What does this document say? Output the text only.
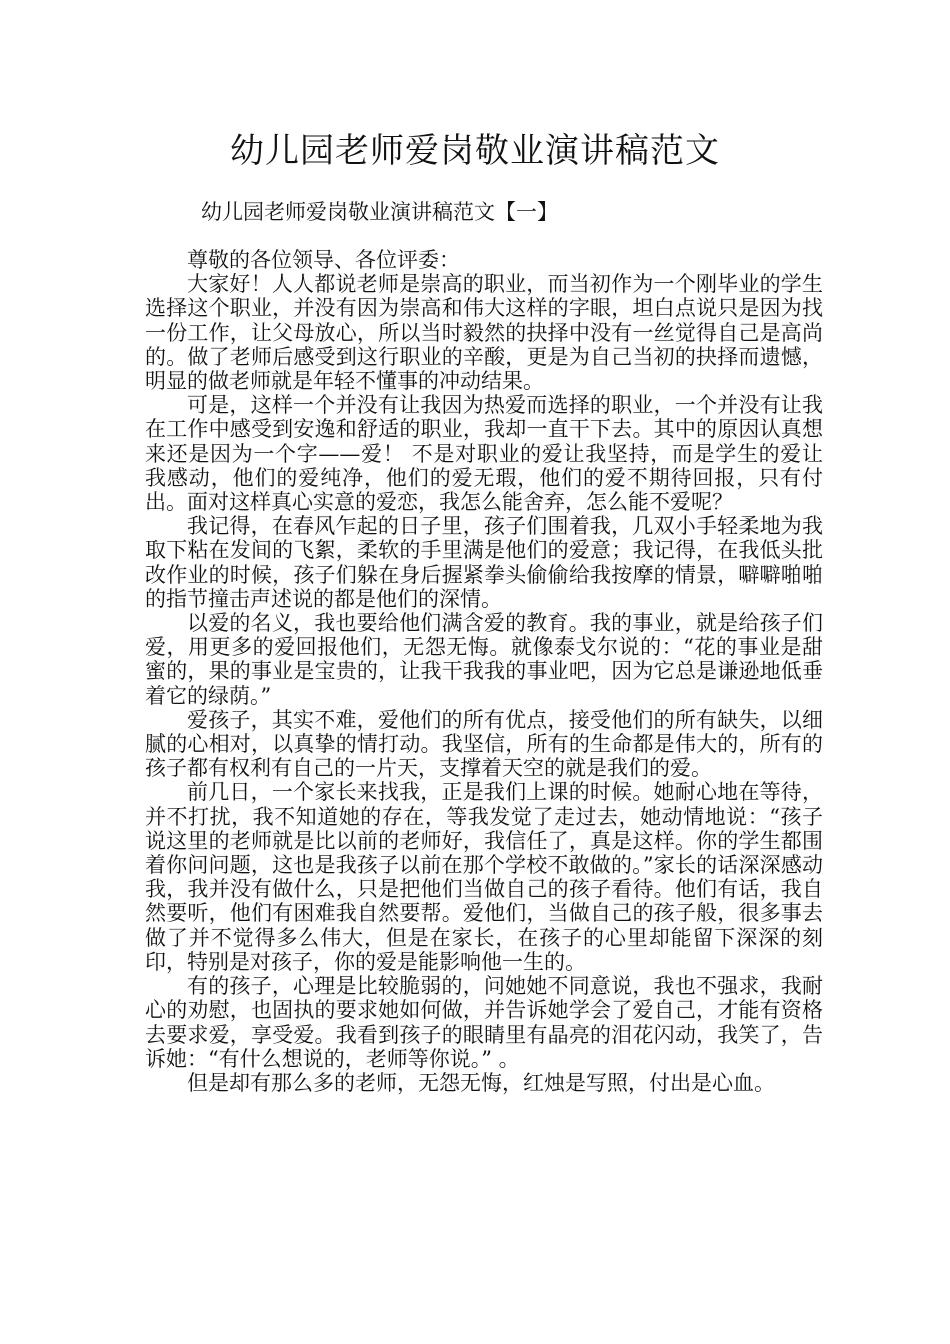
幼儿园老师爱岗敬业演讲稿范文

幼儿园老师爱岗敬业演讲稿范文【一】

尊敬的各位领导、各位评委：

大家好！人人都说老师是崇高的职业，而当初作为一个刚毕业的学生选择这个职业，并没有因为崇高和伟大这样的字眼，坦白点说只是因为找一份工作，让父母放心，所以当时毅然的抉择中没有一丝觉得自己是高尚的。做了老师后感受到这行职业的辛酸，更是为自己当初的抉择而遗憾，明显的做老师就是年轻不懂事的冲动结果。

可是，这样一个并没有让我因为热爱而选择的职业，一个并没有让我在工作中感受到安逸和舒适的职业，我却一直干下去。其中的原因认真想来还是因为一个字——爱！ 不是对职业的爱让我坚持，而是学生的爱让我感动，他们的爱纯净，他们的爱无瑕，他们的爱不期待回报，只有付出。面对这样真心实意的爱恋，我怎么能舍弃，怎么能不爱呢？

我记得，在春风乍起的日子里，孩子们围着我，几双小手轻柔地为我取下粘在发间的飞絮，柔软的手里满是他们的爱意；我记得，在我低头批改作业的时候，孩子们躲在身后握紧拳头偷偷给我按摩的情景，噼噼啪啪的指节撞击声述说的都是他们的深情。

以爱的名义，我也要给他们满含爱的教育。我的事业，就是给孩子们爱，用更多的爱回报他们，无怨无悔。就像泰戈尔说的：“花的事业是甜蜜的，果的事业是宝贵的，让我干我我的事业吧，因为它总是谦逊地低垂着它的绿荫。”

爱孩子，其实不难，爱他们的所有优点，接受他们的所有缺失，以细腻的心相对，以真挚的情打动。我坚信，所有的生命都是伟大的，所有的孩子都有权利有自己的一片天，支撑着天空的就是我们的爱。

前几日，一个家长来找我，正是我们上课的时候。她耐心地在等待，并不打扰，我不知道她的存在，等我发觉了走过去，她动情地说：“孩子说这里的老师就是比以前的老师好，我信任了，真是这样。你的学生都围着你问问题，这也是我孩子以前在那个学校不敢做的。”家长的话深深感动我，我并没有做什么，只是把他们当做自己的孩子看待。他们有话，我自然要听，他们有困难我自然要帮。爱他们，当做自己的孩子般，很多事去做了并不觉得多么伟大，但是在家长，在孩子的心里却能留下深深的刻印，特别是对孩子，你的爱是能影响他一生的。

有的孩子，心理是比较脆弱的，问她她不同意说，我也不强求，我耐心的劝慰，也固执的要求她如何做，并告诉她学会了爱自己，才能有资格去要求爱，享受爱。我看到孩子的眼睛里有晶亮的泪花闪动，我笑了，告诉她：“有什么想说的，老师等你说。” 。

但是却有那么多的老师，无怨无悔，红烛是写照，付出是心血。
